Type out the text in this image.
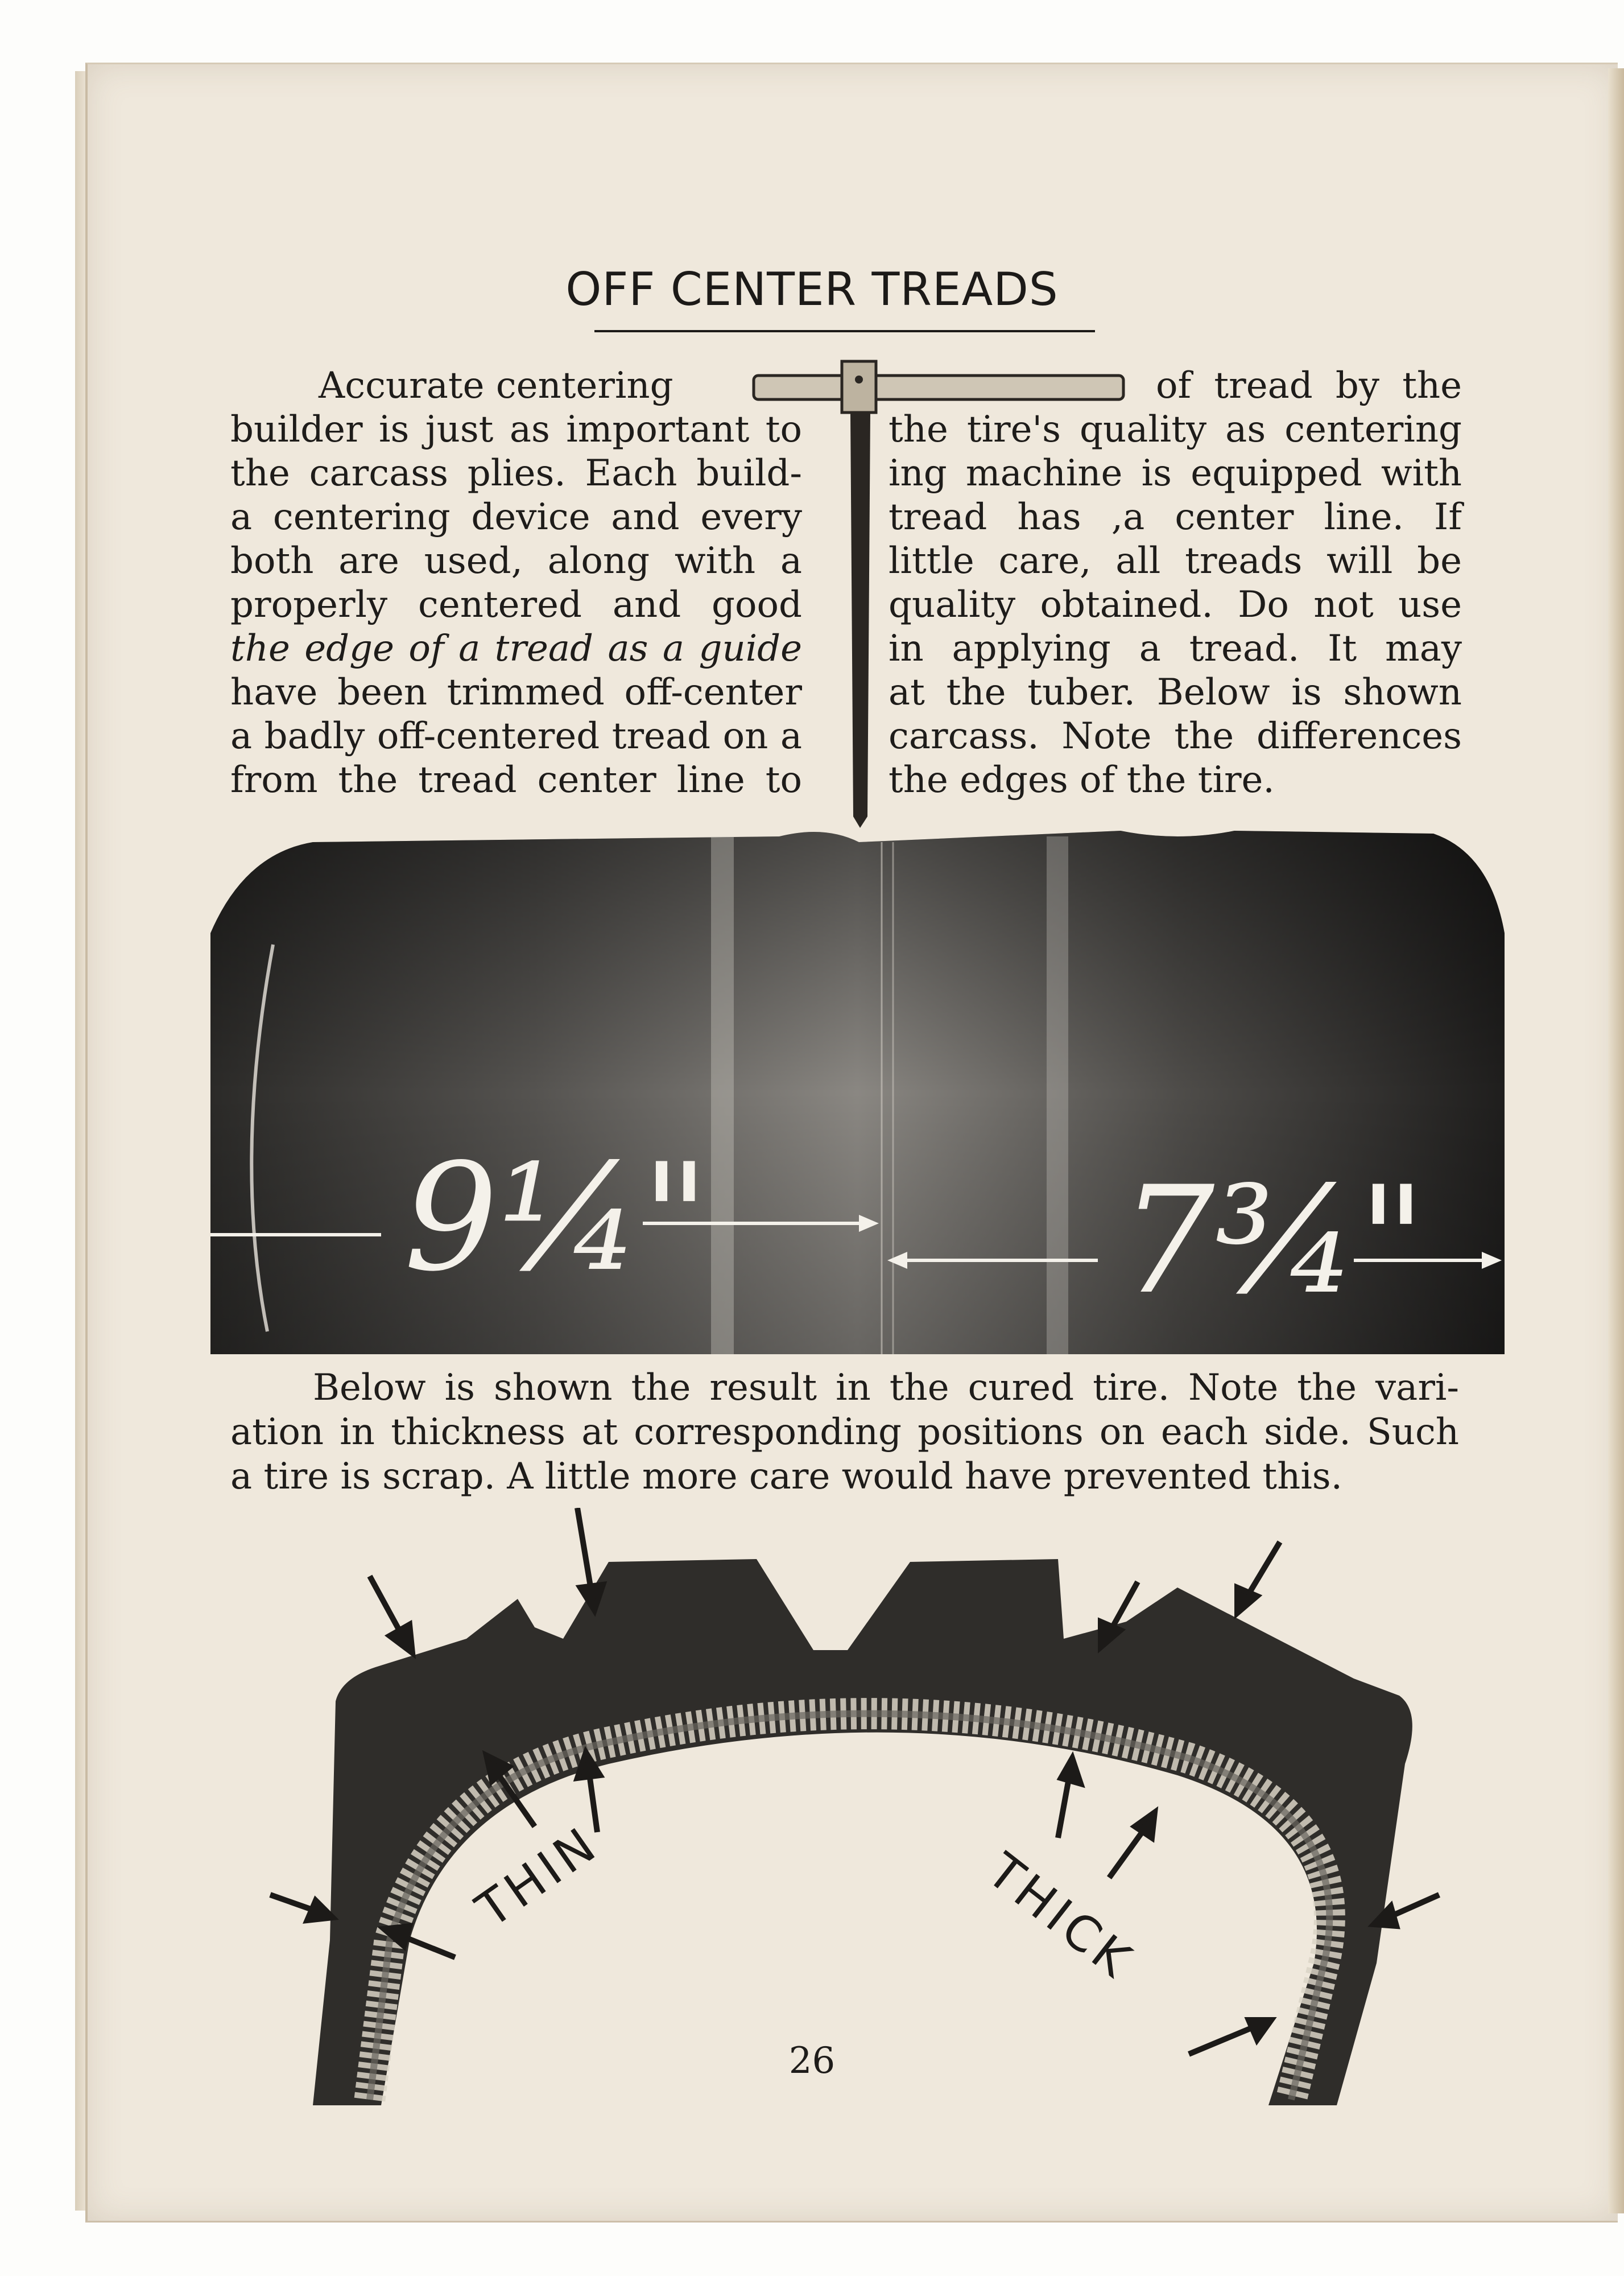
OFF CENTER TREADS
Accurate centering
builder is just as important to
the carcass plies. Each build-
a centering device and every
both are used, along with a
properly centered and good
the edge of a tread as a guide
have been trimmed off-center
a badly off-centered tread on a
from the tread center line to
of tread by the
the tire's quality as centering
ing machine is equipped with
tread has ,a center line. If
little care, all treads will be
quality obtained. Do not use
in applying a tread. It may
at the tuber. Below is shown
carcass. Note the differences
the edges of the tire.
9¼"	7¾"
Below is shown the result in the cured tire. Note the vari-
ation in thickness at corresponding positions on each side. Such
a tire is scrap. A little more care would have prevented this.
THIN	THICK
26
